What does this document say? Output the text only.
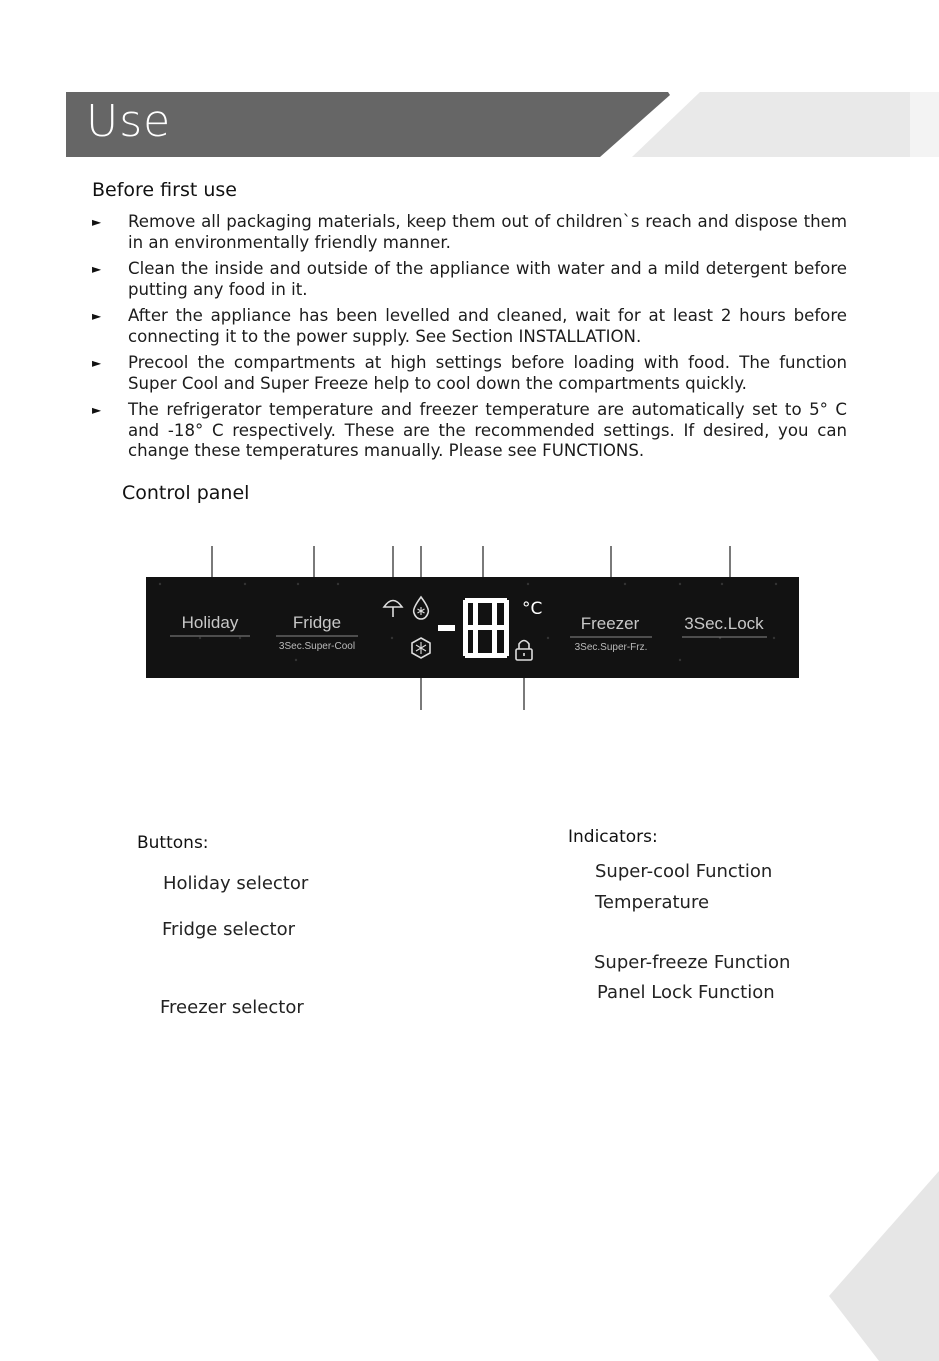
Use
Before first use
► Remove all packaging materials, keep them out of children`s reach and dispose them in an environmentally friendly manner.
► Clean the inside and outside of the appliance with water and a mild detergent before putting any food in it.
► After the appliance has been levelled and cleaned, wait for at least 2 hours before connecting it to the power supply. See Section INSTALLATION.
► Precool the compartments at high settings before loading with food. The function Super Cool and Super Freeze help to cool down the compartments quickly.
► The refrigerator temperature and freezer temperature are automatically set to 5° C and -18° C respectively. These are the recommended settings. If desired, you can change these temperatures manually. Please see FUNCTIONS.
Control panel
Holiday	Fridge
3Sec.Super-Cool
°C
Freezer
3Sec.Super-Frz.
3Sec.Lock
Buttons:
Holiday selector
Fridge selector
Freezer selector
Indicators:
Super-cool Function
Temperature
Super-freeze Function
Panel Lock Function
